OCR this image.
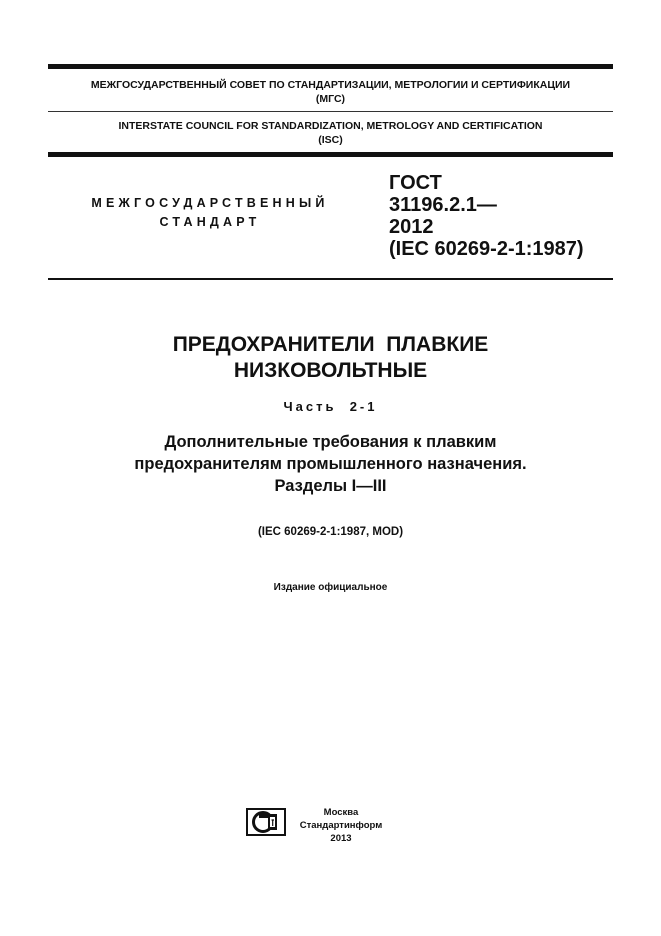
МЕЖГОСУДАРСТВЕННЫЙ СОВЕТ ПО СТАНДАРТИЗАЦИИ, МЕТРОЛОГИИ И СЕРТИФИКАЦИИ
(МГС)
INTERSTATE COUNCIL FOR STANDARDIZATION, METROLOGY AND CERTIFICATION
(ISC)
МЕЖГОСУДАРСТВЕННЫЙ
СТАНДАРТ
ГОСТ
31196.2.1—
2012
(IEC 60269-2-1:1987)
ПРЕДОХРАНИТЕЛИ  ПЛАВКИЕ
НИЗКОВОЛЬТНЫЕ
Часть  2-1
Дополнительные требования к плавким
предохранителям промышленного назначения.
Разделы I—III
(IEC 60269-2-1:1987, MOD)
Издание официальное
Москва
Стандартинформ
2013
